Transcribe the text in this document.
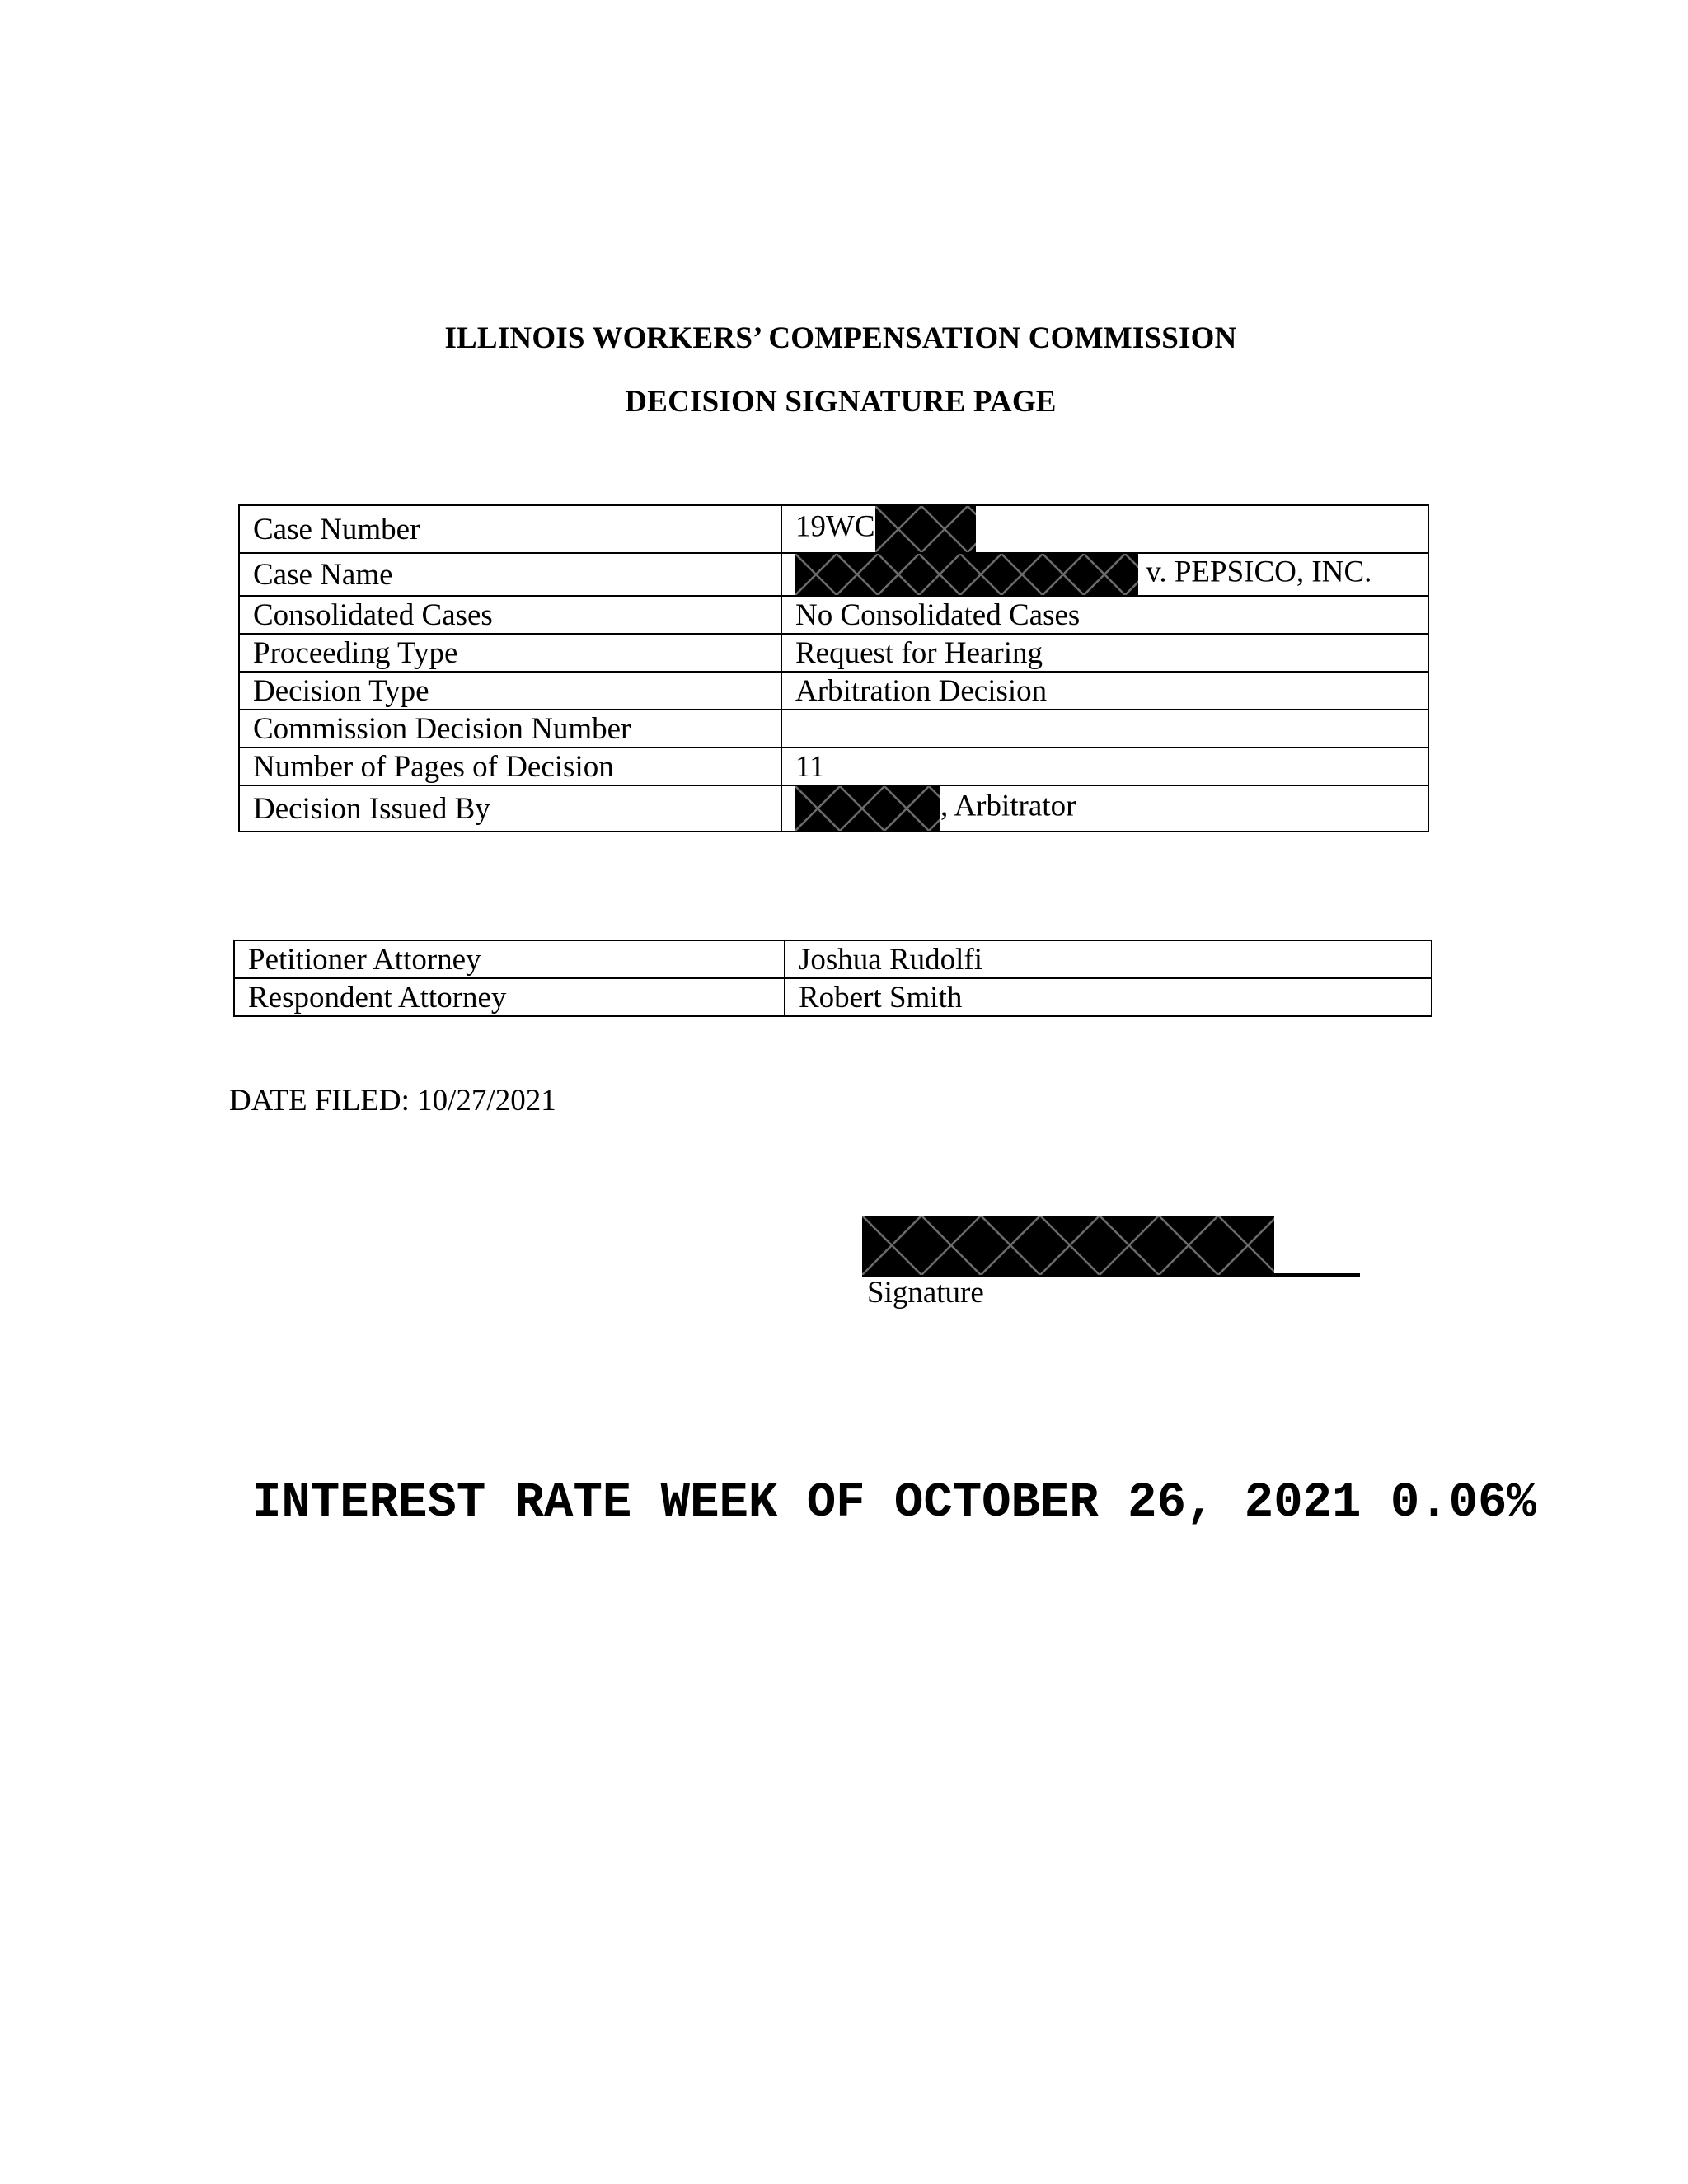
ILLINOIS WORKERS’ COMPENSATION COMMISSION
DECISION SIGNATURE PAGE
Case Number	19WC

Case Name	v. PEPSICO, INC.
Consolidated Cases	No Consolidated Cases
Proceeding Type	Request for Hearing
Decision Type	Arbitration Decision
Commission Decision Number	
Number of Pages of Decision	11
Decision Issued By	, Arbitrator
Petitioner Attorney	Joshua Rudolfi
Respondent Attorney	Robert Smith
DATE FILED: 10/27/2021
Signature
INTEREST RATE WEEK OF OCTOBER 26, 2021 0.06%
